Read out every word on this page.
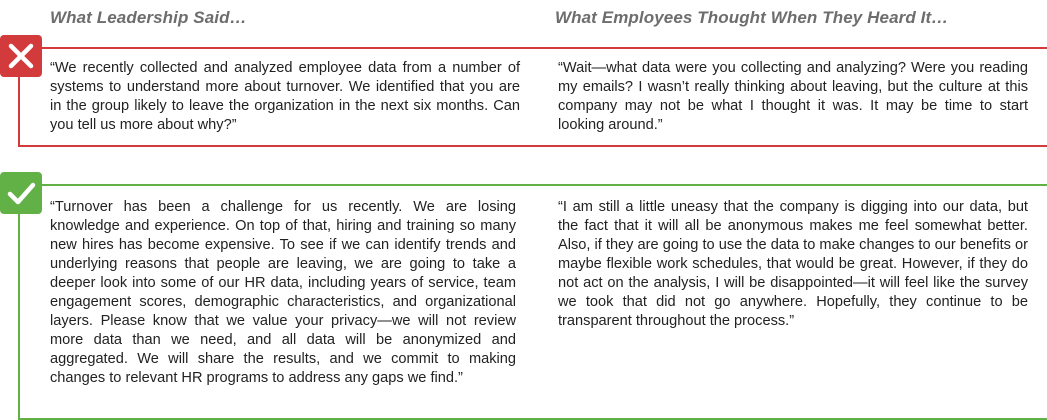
What Leadership Said…	What Employees Thought When They Heard It…

“We recently collected and analyzed employee data from a number of systems to understand more about turnover. We identified that you are in the group likely to leave the organization in the next six months. Can you tell us more about why?”

“Wait—what data were you collecting and analyzing? Were you reading my emails? I wasn’t really thinking about leaving, but the culture at this company may not be what I thought it was. It may be time to start looking around.”

“Turnover has been a challenge for us recently. We are losing knowledge and experience. On top of that, hiring and training so many new hires has become expensive. To see if we can identify trends and underlying reasons that people are leaving, we are going to take a deeper look into some of our HR data, including years of service, team engagement scores, demographic characteristics, and organizational layers. Please know that we value your privacy—we will not review more data than we need, and all data will be anonymized and aggregated. We will share the results, and we commit to making changes to relevant HR programs to address any gaps we find.”

“I am still a little uneasy that the company is digging into our data, but the fact that it will all be anonymous makes me feel somewhat better. Also, if they are going to use the data to make changes to our benefits or maybe flexible work schedules, that would be great. However, if they do not act on the analysis, I will be disappointed—it will feel like the survey we took that did not go anywhere. Hopefully, they continue to be transparent throughout the process.”
